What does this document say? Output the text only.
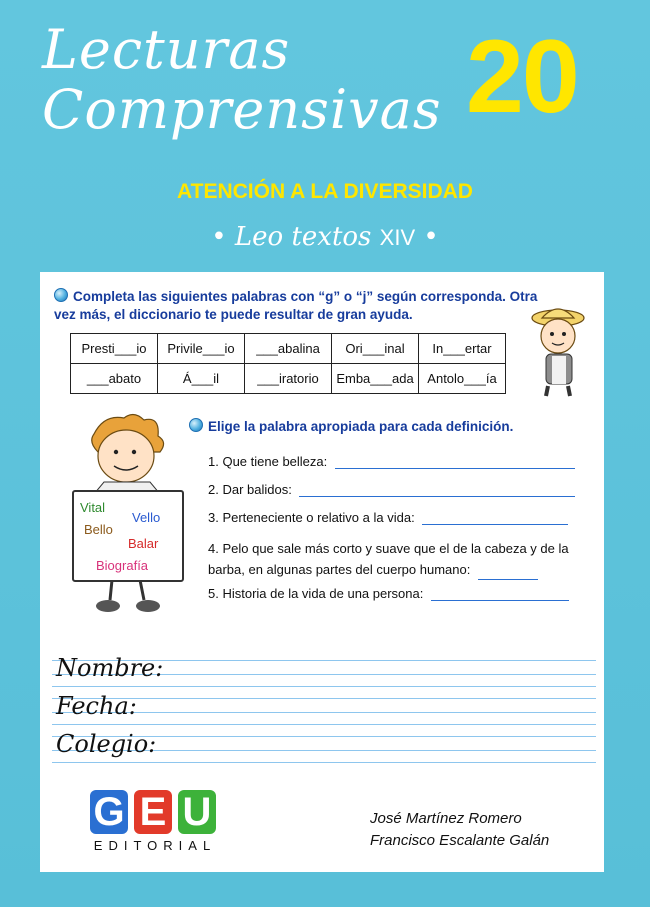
Lecturas
Comprensivas 20
ATENCIÓN A LA DIVERSIDAD
• Leo textos XIV •
Completa las siguientes palabras con “g” o “j” según corresponda. Otra vez más, el diccionario te puede resultar de gran ayuda.
Presti___io	Privile___io	___abalina	Ori___inal	In___ertar
___abato	Á___il	___iratorio	Emba___ada	Antolo___ía
Vital
Vello
Bello
Balar
Biografía
Elige la palabra apropiada para cada definición.
1. Que tiene belleza:
2. Dar balidos:
3. Perteneciente o relativo a la vida:
4. Pelo que sale más corto y suave que el de la cabeza y de la barba, en algunas partes del cuerpo humano:
5. Historia de la vida de una persona:
Nombre:
Fecha:
Colegio:
G E U
EDITORIAL
José Martínez Romero
Francisco Escalante Galán
